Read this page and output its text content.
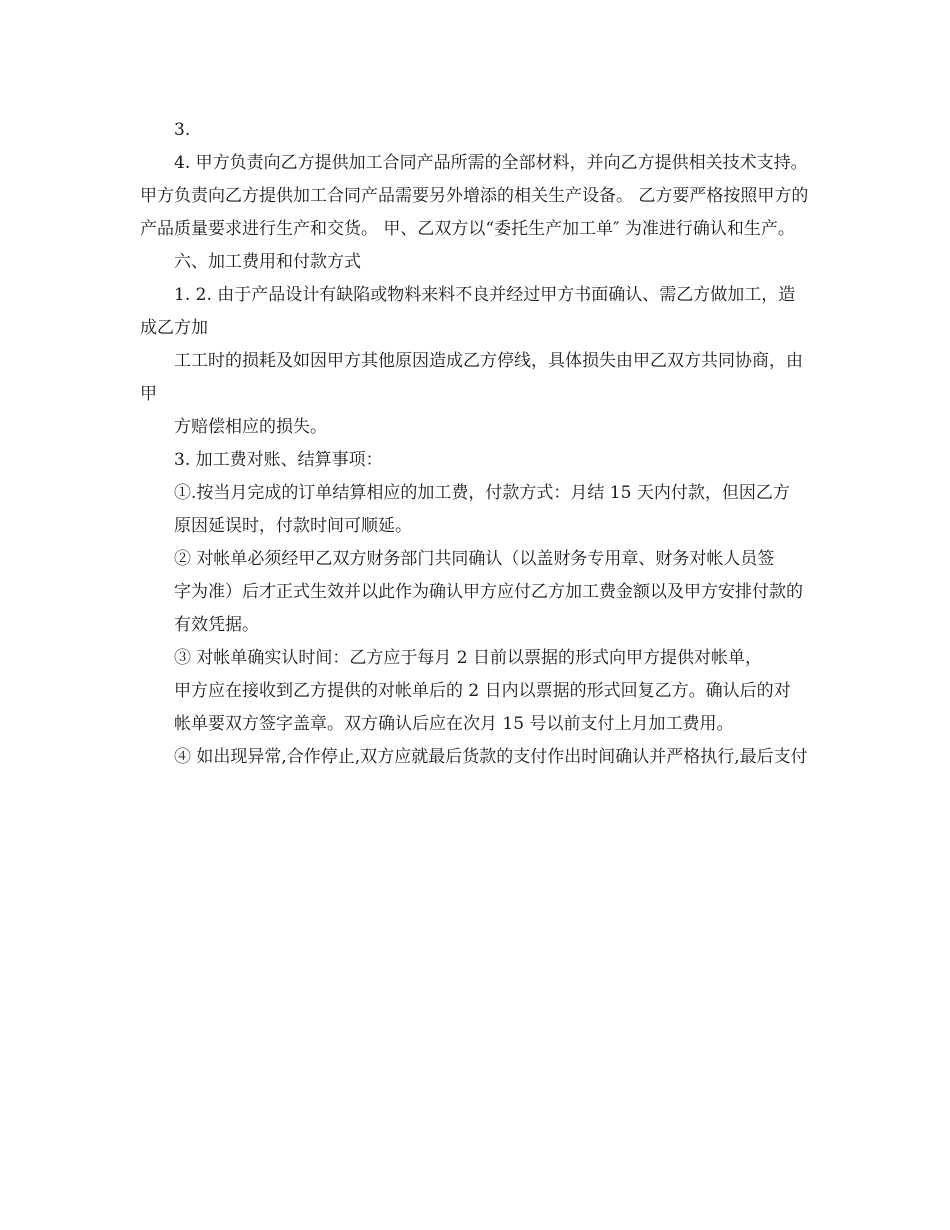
3.

4. 甲方负责向乙方提供加工合同产品所需的全部材料，并向乙方提供相关技术支持。 甲方负责向乙方提供加工合同产品需要另外增添的相关生产设备。 乙方要严格按照甲方的产品质量要求进行生产和交货。 甲、乙双方以“委托生产加工单″ 为准进行确认和生产。

六、加工费用和付款方式

1. 2. 由于产品设计有缺陷或物料来料不良并经过甲方书面确认、需乙方做加工，造成乙方加

工工时的损耗及如因甲方其他原因造成乙方停线，具体损失由甲乙双方共同协商，由甲

方赔偿相应的损失。

3. 加工费对账、结算事项：

①.按当月完成的订单结算相应的加工费，付款方式：月结 15 天内付款，但因乙方

原因延误时，付款时间可顺延。

② 对帐单必须经甲乙双方财务部门共同确认（以盖财务专用章、财务对帐人员签

字为准）后才正式生效并以此作为确认甲方应付乙方加工费金额以及甲方安排付款的

有效凭据。

③ 对帐单确实认时间：乙方应于每月 2 日前以票据的形式向甲方提供对帐单，

甲方应在接收到乙方提供的对帐单后的 2 日内以票据的形式回复乙方。确认后的对

帐单要双方签字盖章。双方确认后应在次月 15 号以前支付上月加工费用。

④ 如出现异常,合作停止,双方应就最后货款的支付作出时间确认并严格执行,最后支付
